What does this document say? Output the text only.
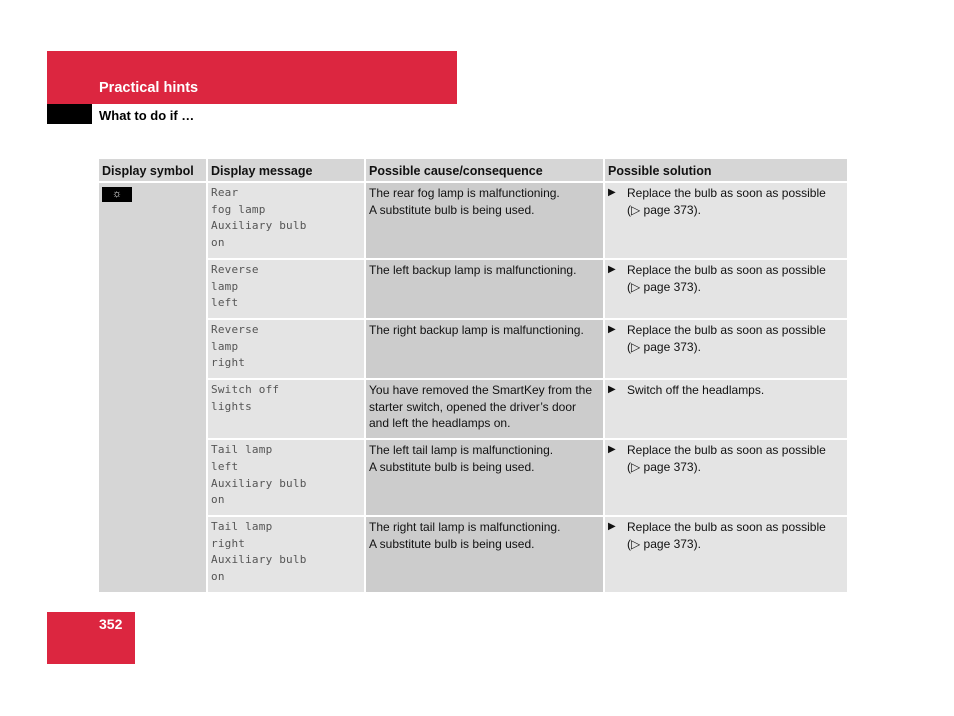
Practical hints
What to do if …
Display symbol	Display message	Possible cause/consequence	Possible solution
☼	Rear
fog lamp
Auxiliary bulb
on	The rear fog lamp is malfunctioning.
A substitute bulb is being used.	▶ Replace the bulb as soon as possible
(▷ page 373).

	Reverse
lamp
left	The left backup lamp is malfunctioning.	▶ Replace the bulb as soon as possible
(▷ page 373).

	Reverse
lamp
right	The right backup lamp is malfunctioning.	▶ Replace the bulb as soon as possible
(▷ page 373).

	Switch off
lights	You have removed the SmartKey from the
starter switch, opened the driver’s door
and left the headlamps on.	▶ Switch off the headlamps.

	Tail lamp
left
Auxiliary bulb
on	The left tail lamp is malfunctioning.
A substitute bulb is being used.	▶ Replace the bulb as soon as possible
(▷ page 373).

	Tail lamp
right
Auxiliary bulb
on	The right tail lamp is malfunctioning.
A substitute bulb is being used.	▶ Replace the bulb as soon as possible
(▷ page 373).
352
